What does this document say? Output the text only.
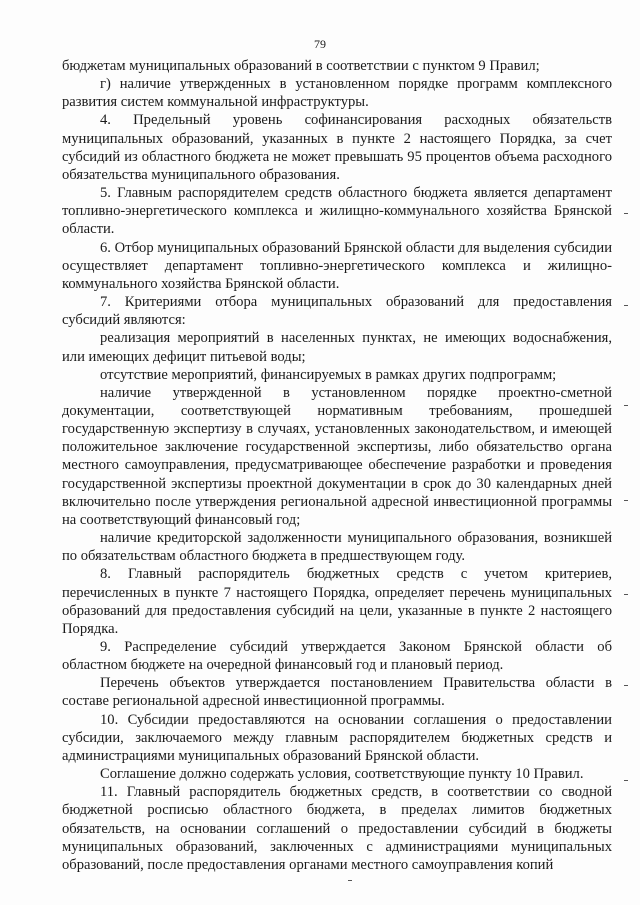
79

бюджетам муниципальных образований в соответствии с пунктом 9 Правил;

г) наличие утвержденных в установленном порядке программ комплексного развития систем коммунальной инфраструктуры.

4. Предельный уровень софинансирования расходных обязательств муниципальных образований, указанных в пункте 2 настоящего Порядка, за счет субсидий из областного бюджета не может превышать 95 процентов объема расходного обязательства муниципального образования.

5. Главным распорядителем средств областного бюджета является департамент топливно-энергетического комплекса и жилищно-коммунального хозяйства Брянской области.

6. Отбор муниципальных образований Брянской области для выделения субсидии осуществляет департамент топливно-энергетического комплекса и жилищно-коммунального хозяйства Брянской области.

7. Критериями отбора муниципальных образований для предоставления субсидий являются:

реализация мероприятий в населенных пунктах, не имеющих водоснабжения, или имеющих дефицит питьевой воды;

отсутствие мероприятий, финансируемых в рамках других подпрограмм;

наличие утвержденной в установленном порядке проектно-сметной документации, соответствующей нормативным требованиям, прошедшей государственную экспертизу в случаях, установленных законодательством, и имеющей положительное заключение государственной экспертизы, либо обязательство органа местного самоуправления, предусматривающее обеспечение разработки и проведения государственной экспертизы проектной документации в срок до 30 календарных дней включительно после утверждения региональной адресной инвестиционной программы на соответствующий финансовый год;

наличие кредиторской задолженности муниципального образования, возникшей по обязательствам областного бюджета в предшествующем году.

8. Главный распорядитель бюджетных средств с учетом критериев, перечисленных в пункте 7 настоящего Порядка, определяет перечень муниципальных образований для предоставления субсидий на цели, указанные в пункте 2 настоящего Порядка.

9. Распределение субсидий утверждается Законом Брянской области об областном бюджете на очередной финансовый год и плановый период.

Перечень объектов утверждается постановлением Правительства области в составе региональной адресной инвестиционной программы.

10. Субсидии предоставляются на основании соглашения о предоставлении субсидии, заключаемого между главным распорядителем бюджетных средств и администрациями муниципальных образований Брянской области.

Соглашение должно содержать условия, соответствующие пункту 10 Правил.

11. Главный распорядитель бюджетных средств, в соответствии со сводной бюджетной росписью областного бюджета, в пределах лимитов бюджетных обязательств, на основании соглашений о предоставлении субсидий в бюджеты муниципальных образований, заключенных с администрациями муниципальных образований, после предоставления органами местного самоуправления копий
